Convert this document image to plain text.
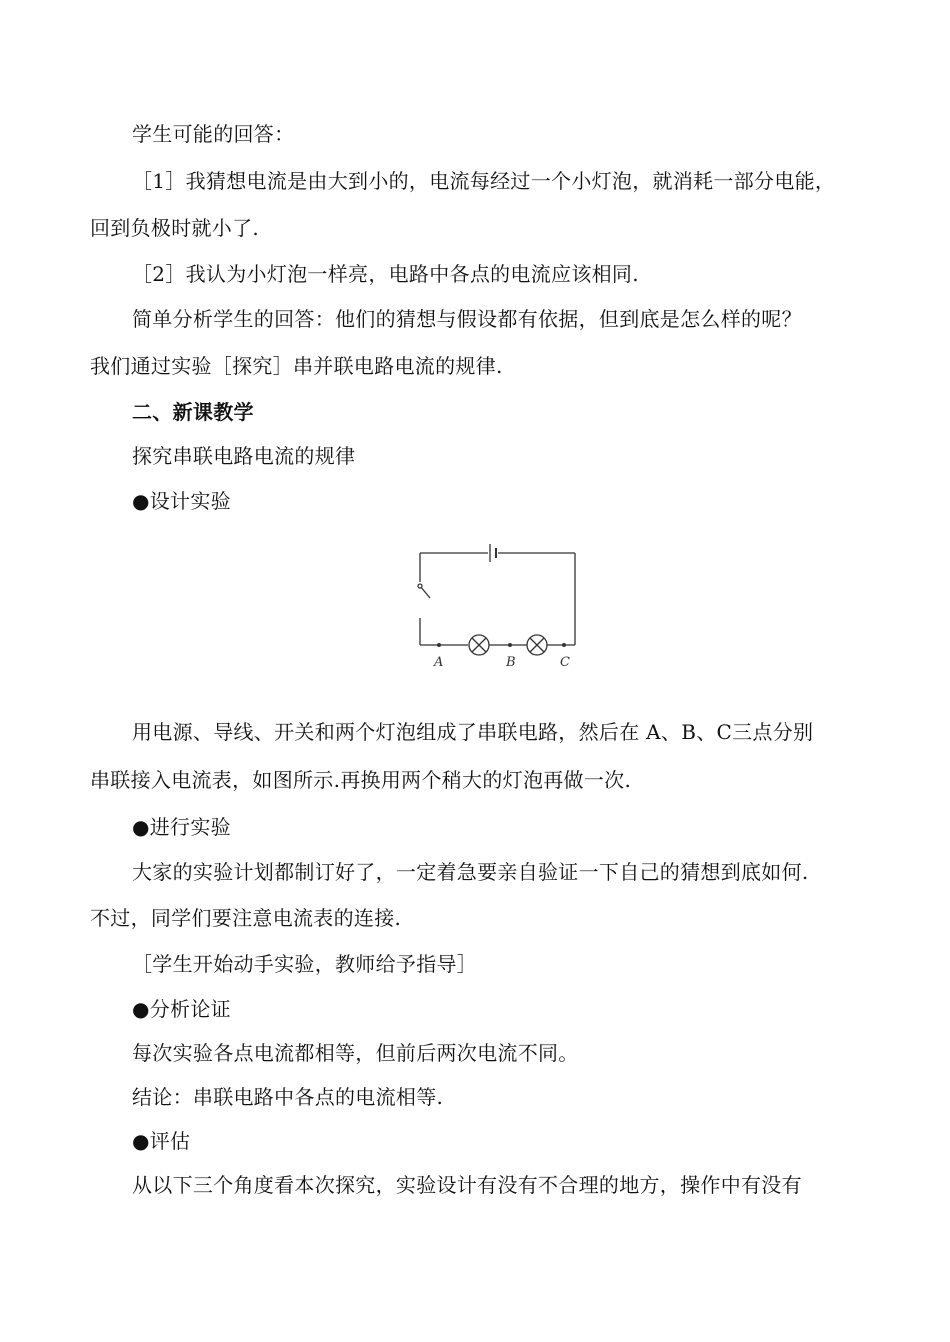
学生可能的回答：
［1］我猜想电流是由大到小的，电流每经过一个小灯泡，就消耗一部分电能，
回到负极时就小了.
［2］我认为小灯泡一样亮，电路中各点的电流应该相同.
简单分析学生的回答：他们的猜想与假设都有依据，但到底是怎么样的呢？
我们通过实验［探究］串并联电路电流的规律.
二、新课教学
探究串联电路电流的规律
●设计实验
A	B	C
用电源、导线、开关和两个灯泡组成了串联电路，然后在 A、B、C三点分别
串联接入电流表，如图所示.再换用两个稍大的灯泡再做一次.
●进行实验
大家的实验计划都制订好了，一定着急要亲自验证一下自己的猜想到底如何.
不过，同学们要注意电流表的连接.
［学生开始动手实验，教师给予指导］
●分析论证
每次实验各点电流都相等，但前后两次电流不同。
结论：串联电路中各点的电流相等.
●评估
从以下三个角度看本次探究，实验设计有没有不合理的地方，操作中有没有
